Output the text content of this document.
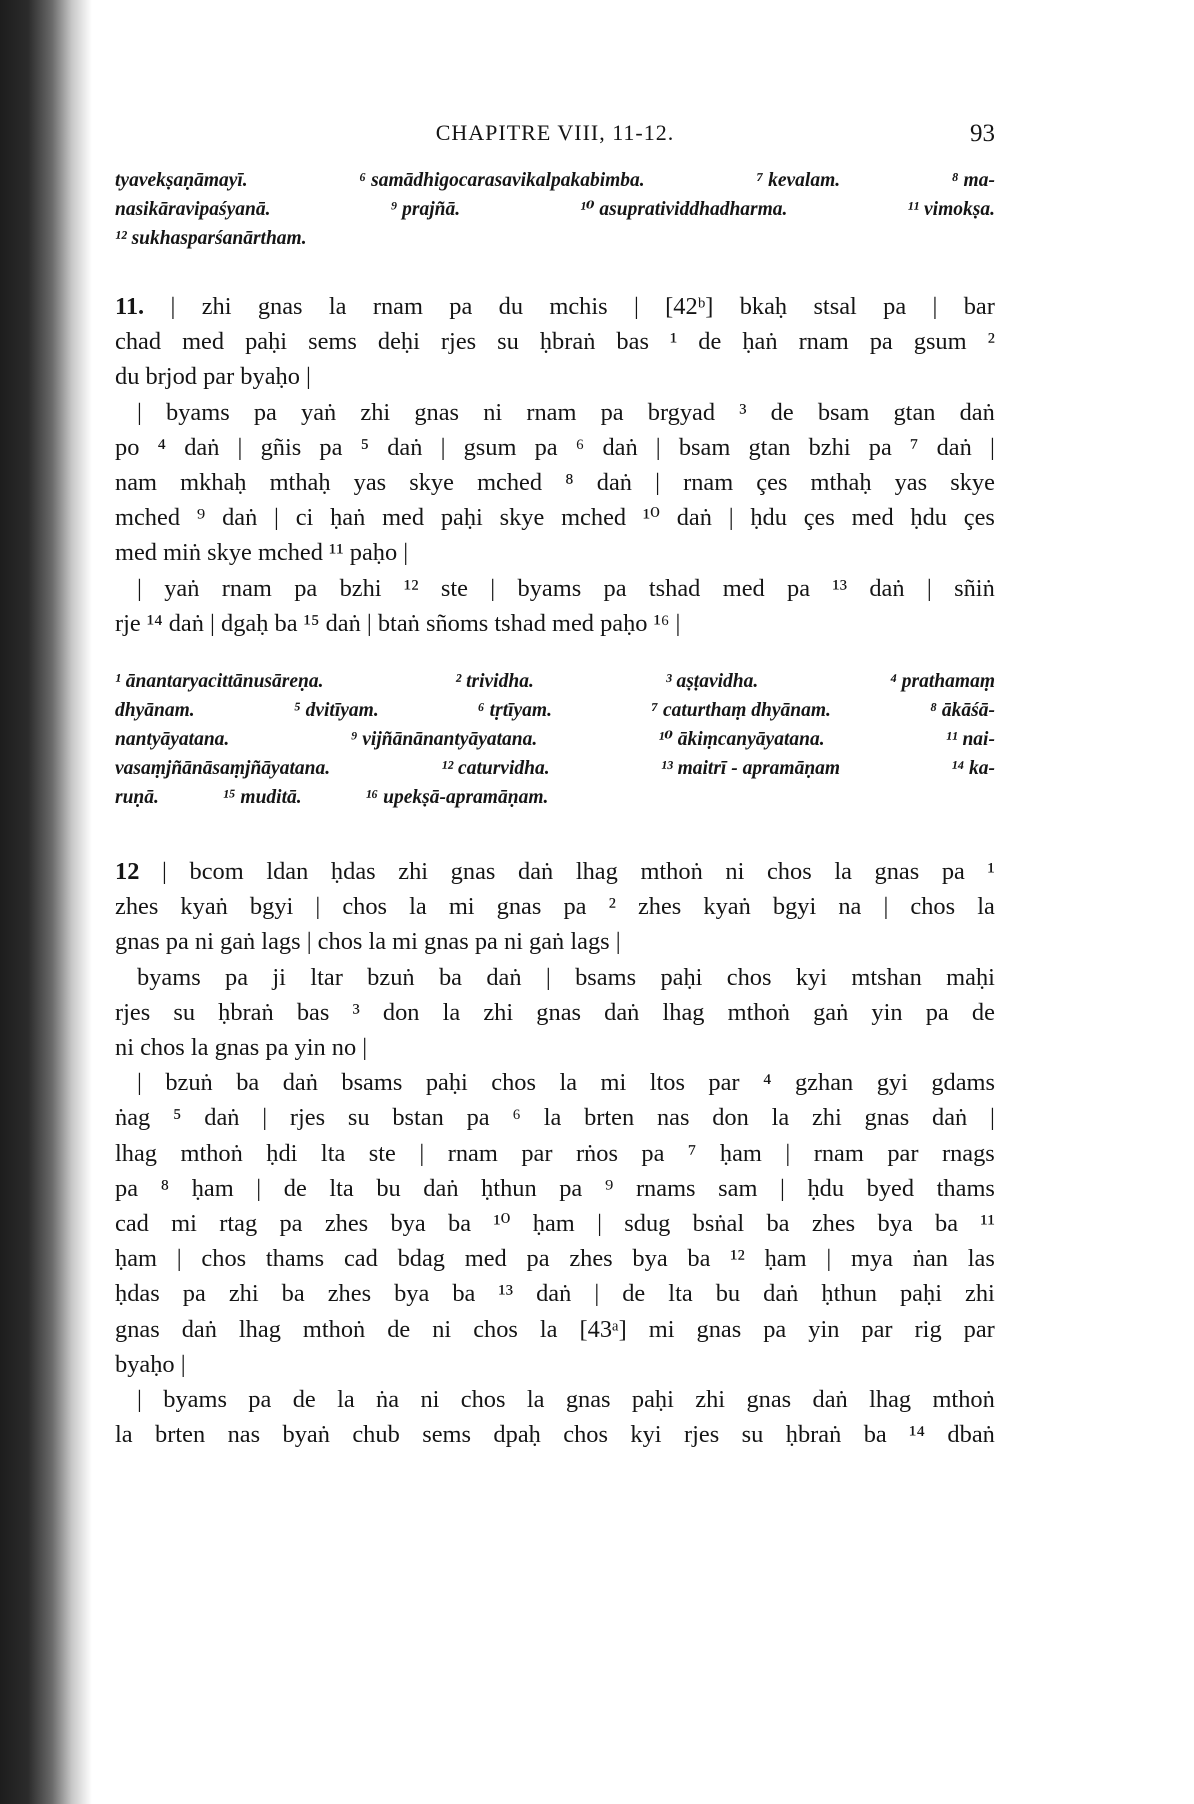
CHAPITRE VIII, 11-12.	93
tyavekṣaṇāmayī.	⁶ samādhigocarasavikalpakabimba.	⁷ kevalam.	⁸ ma-
nasikāravipaśyanā.	⁹ prajñā.	¹⁰ asupratividdhadharma.	¹¹ vimokṣa.
¹² sukhasparśanārtham.
11. | zhi gnas la rnam pa du mchis | [42ᵇ] bkaḥ stsal pa | bar
chad med paḥi sems deḥi rjes su ḥbraṅ bas ¹ de ḥaṅ rnam pa gsum ²
du brjod par byaḥo |
| byams pa yaṅ zhi gnas ni rnam pa brgyad ³ de bsam gtan daṅ
po ⁴ daṅ | gñis pa ⁵ daṅ | gsum pa ⁶ daṅ | bsam gtan bzhi pa ⁷ daṅ |
nam mkhaḥ mthaḥ yas skye mched ⁸ daṅ | rnam çes mthaḥ yas skye
mched ⁹ daṅ | ci ḥaṅ med paḥi skye mched ¹⁰ daṅ | ḥdu çes med ḥdu çes
med miṅ skye mched ¹¹ paḥo |
| yaṅ rnam pa bzhi ¹² ste | byams pa tshad med pa ¹³ daṅ | sñiṅ
rje ¹⁴ daṅ | dgaḥ ba ¹⁵ daṅ | btaṅ sñoms tshad med paḥo ¹⁶ |
¹ ānantaryacittānusāreṇa.	² trividha.	³ aṣṭavidha.	⁴ prathamaṃ
dhyānam.	⁵ dvitīyam.	⁶ tṛtīyam.	⁷ caturthaṃ dhyānam.	⁸ ākāśā-
nantyāyatana.	⁹ vijñānānantyāyatana.	¹⁰ ākiṃcanyāyatana.	¹¹ nai-
vasaṃjñānāsaṃjñāyatana.	¹² caturvidha.	¹³ maitrī - apramāṇam	¹⁴ ka-
ruṇā.	¹⁵ muditā.	¹⁶ upekṣā-apramāṇam.
12 | bcom ldan ḥdas zhi gnas daṅ lhag mthoṅ ni chos la gnas pa ¹
zhes kyaṅ bgyi | chos la mi gnas pa ² zhes kyaṅ bgyi na | chos la
gnas pa ni gaṅ lags | chos la mi gnas pa ni gaṅ lags |
byams pa ji ltar bzuṅ ba daṅ | bsams paḥi chos kyi mtshan maḥi
rjes su ḥbraṅ bas ³ don la zhi gnas daṅ lhag mthoṅ gaṅ yin pa de
ni chos la gnas pa yin no |
| bzuṅ ba daṅ bsams paḥi chos la mi ltos par ⁴ gzhan gyi gdams
ṅag ⁵ daṅ | rjes su bstan pa ⁶ la brten nas don la zhi gnas daṅ |
lhag mthoṅ ḥdi lta ste | rnam par rṅos pa ⁷ ḥam | rnam par rnags
pa ⁸ ḥam | de lta bu daṅ ḥthun pa ⁹ rnams sam | ḥdu byed thams
cad mi rtag pa zhes bya ba ¹⁰ ḥam | sdug bsṅal ba zhes bya ba ¹¹
ḥam | chos thams cad bdag med pa zhes bya ba ¹² ḥam | mya ṅan las
ḥdas pa zhi ba zhes bya ba ¹³ daṅ | de lta bu daṅ ḥthun paḥi zhi
gnas daṅ lhag mthoṅ de ni chos la [43ᵃ] mi gnas pa yin par rig par
byaḥo |
| byams pa de la ṅa ni chos la gnas paḥi zhi gnas daṅ lhag mthoṅ
la brten nas byaṅ chub sems dpaḥ chos kyi rjes su ḥbraṅ ba ¹⁴ dbaṅ
